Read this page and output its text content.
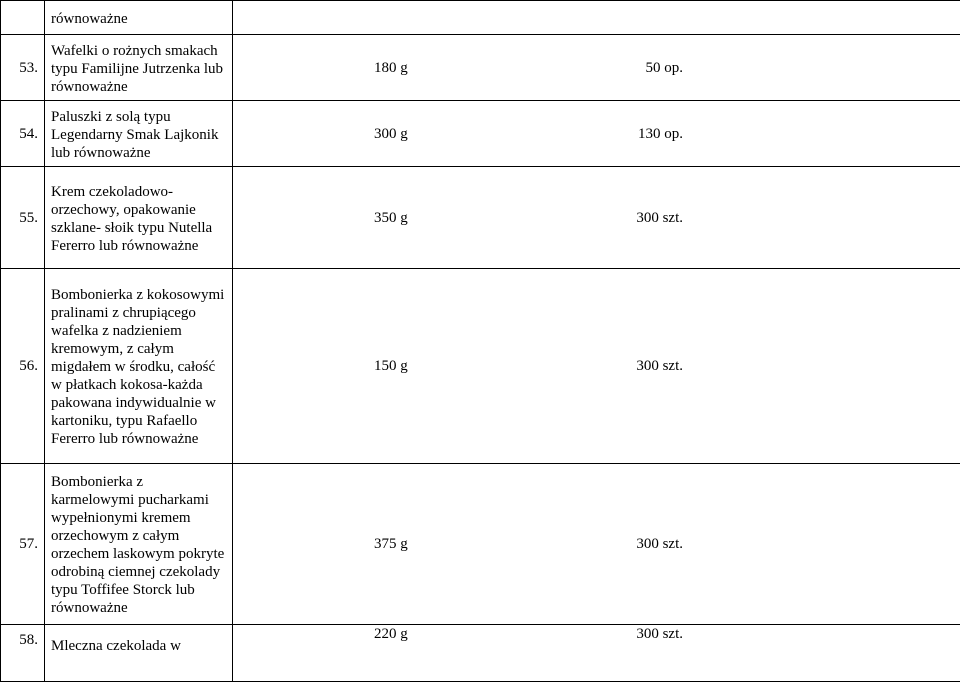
	równoważne	

53.	Wafelki o rożnych smakach typu Familijne Jutrzenka lub równoważne	180 g 50 op.

54.	Paluszki z solą typu Legendarny Smak Lajkonik lub równoważne	300 g 130 op.

55.	Krem czekoladowo-orzechowy, opakowanie szklane- słoik typu Nutella Fererro lub równoważne	350 g 300 szt.

56.	Bombonierka z kokosowymi pralinami z chrupiącego wafelka z nadzieniem kremowym, z całym migdałem w środku, całość w płatkach kokosa-każda pakowana indywidualnie w kartoniku, typu Rafaello Fererro lub równoważne	150 g 300 szt.

57.	Bombonierka z karmelowymi pucharkami wypełnionymi kremem orzechowym z całym orzechem laskowym pokryte odrobiną ciemnej czekolady typu Toffifee Storck lub równoważne	375 g 300 szt.

58.	Mleczna czekolada w	220 g 300 szt.
